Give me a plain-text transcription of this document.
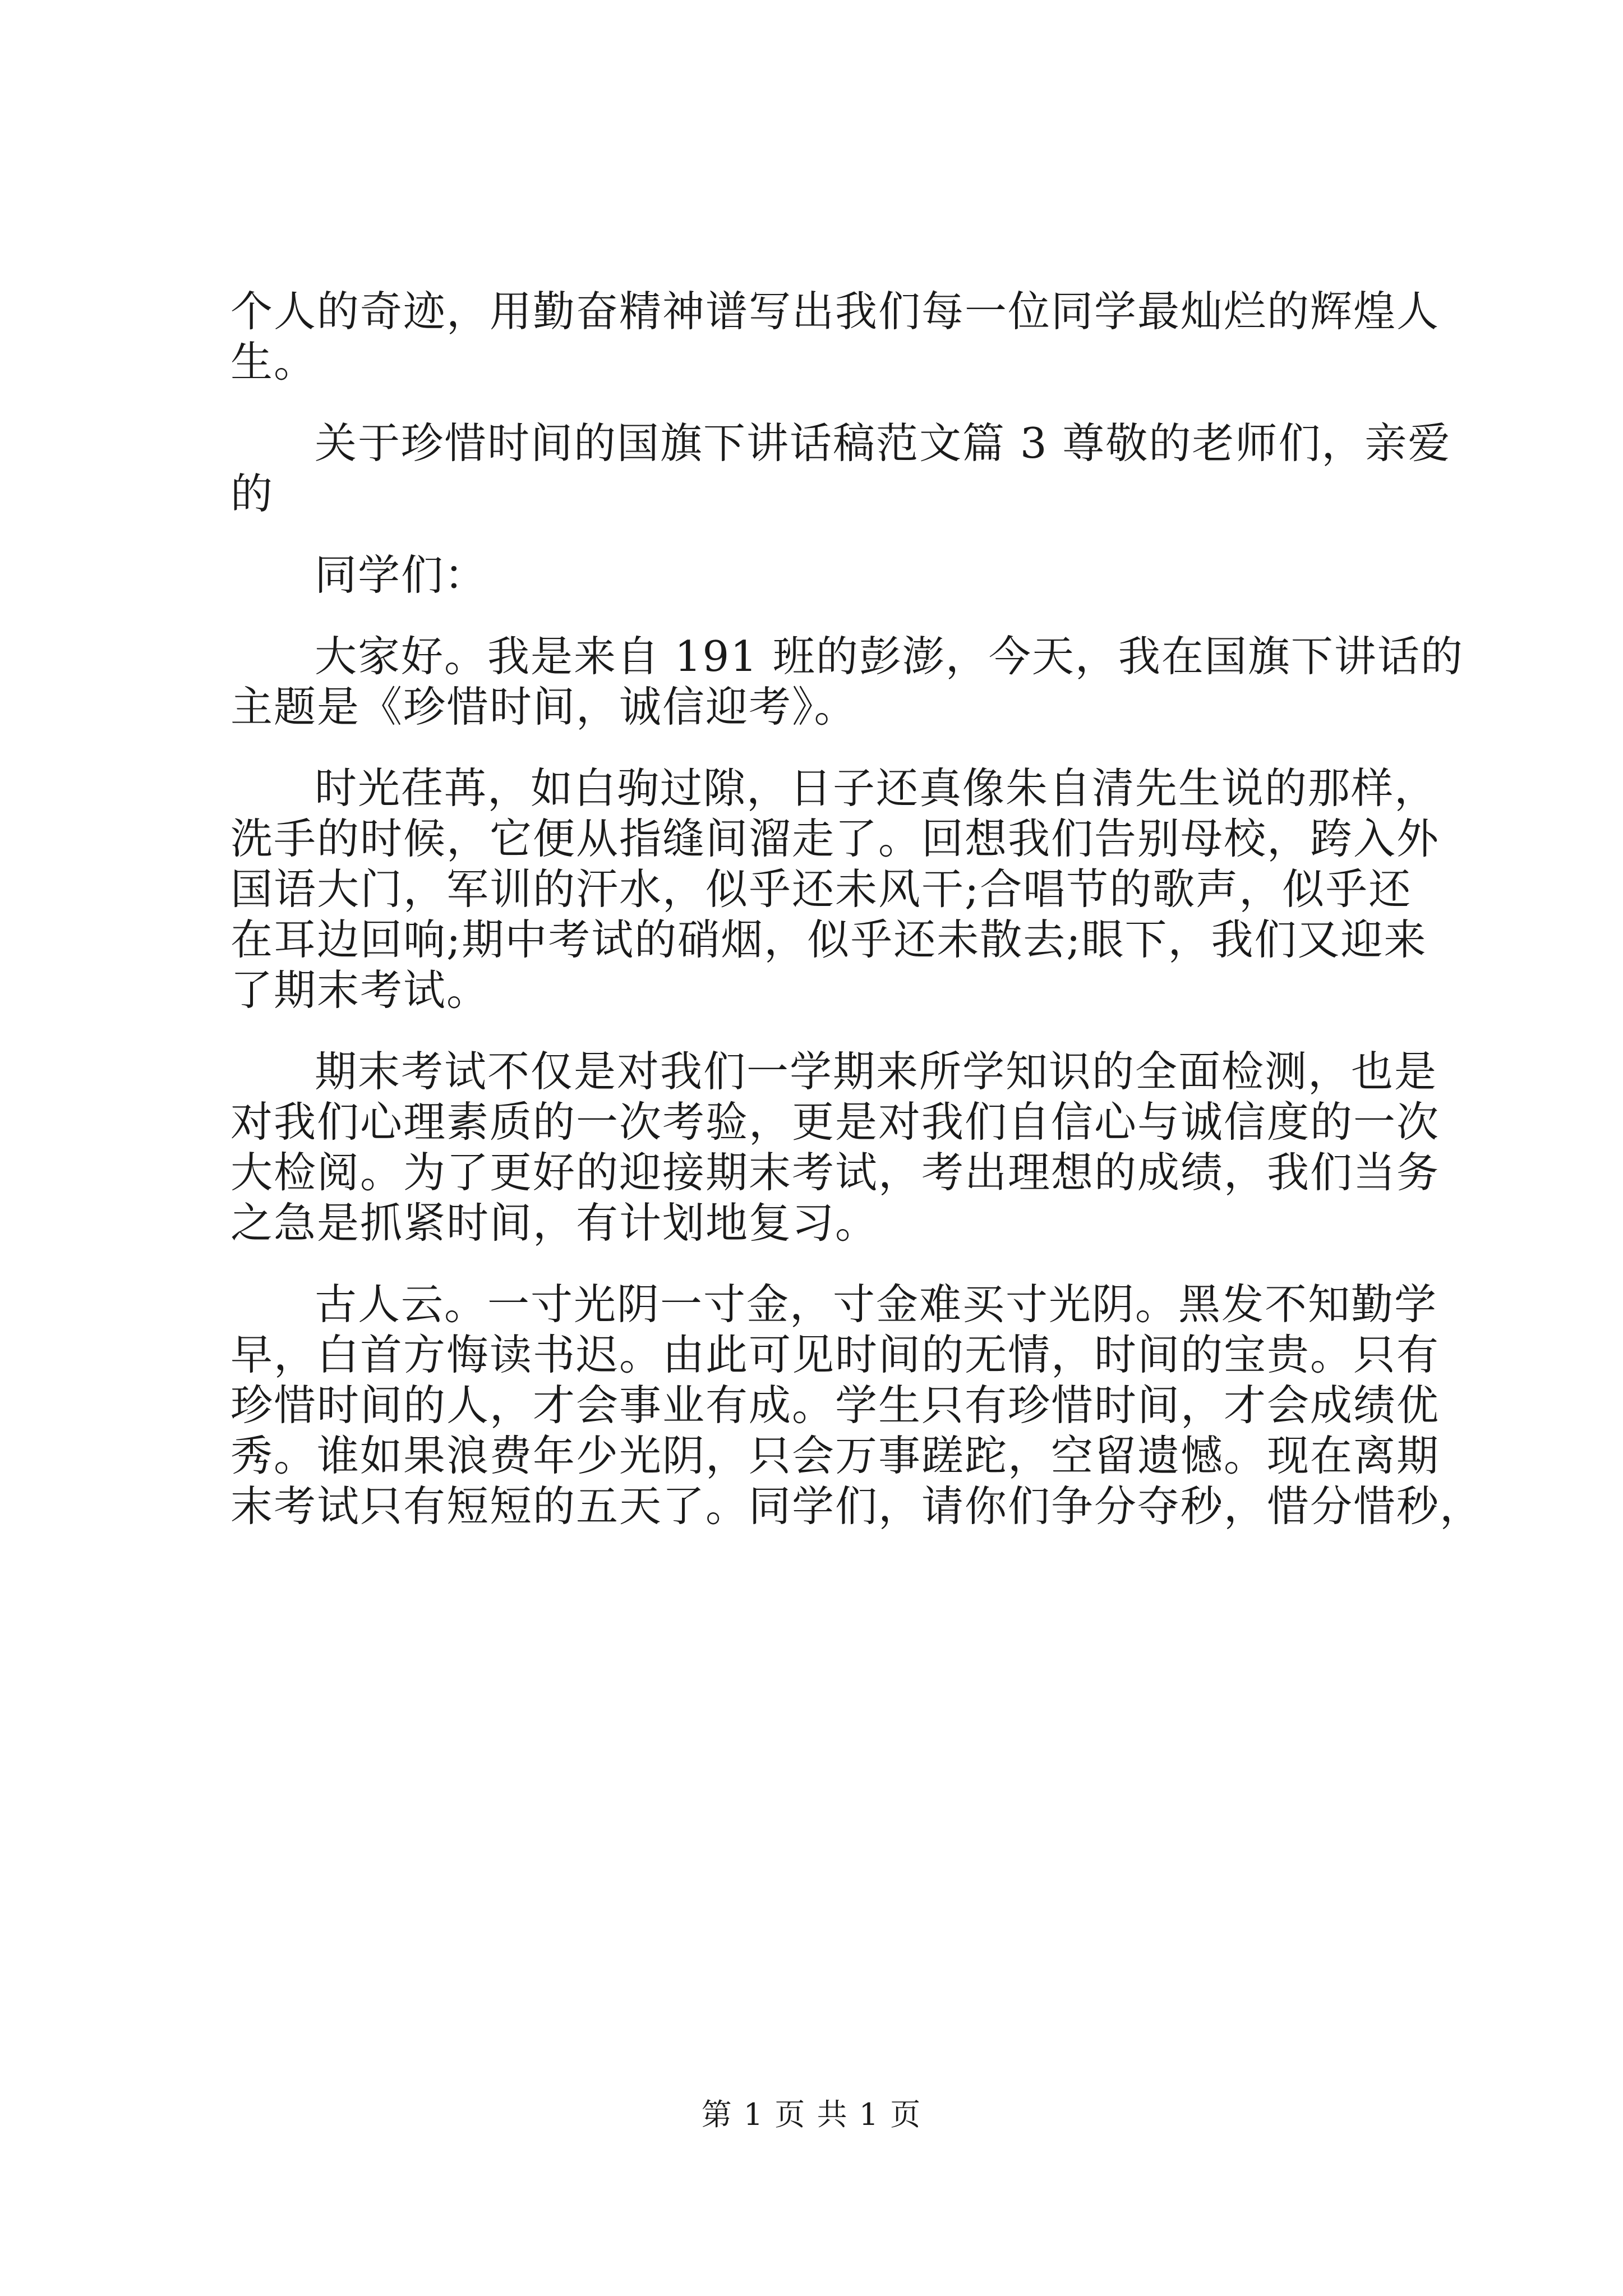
个人的奇迹，用勤奋精神谱写出我们每一位同学最灿烂的辉煌人
生。
关于珍惜时间的国旗下讲话稿范文篇 3 尊敬的老师们，亲爱
的
同学们：
大家好。我是来自 191 班的彭澎，今天，我在国旗下讲话的
主题是《珍惜时间，诚信迎考》。
时光荏苒，如白驹过隙，日子还真像朱自清先生说的那样，
洗手的时候，它便从指缝间溜走了。回想我们告别母校，跨入外
国语大门，军训的汗水，似乎还未风干;合唱节的歌声，似乎还
在耳边回响;期中考试的硝烟，似乎还未散去;眼下，我们又迎来
了期末考试。
期末考试不仅是对我们一学期来所学知识的全面检测，也是
对我们心理素质的一次考验，更是对我们自信心与诚信度的一次
大检阅。为了更好的迎接期末考试，考出理想的成绩，我们当务
之急是抓紧时间，有计划地复习。
古人云。一寸光阴一寸金，寸金难买寸光阴。黑发不知勤学
早，白首方悔读书迟。由此可见时间的无情，时间的宝贵。只有
珍惜时间的人，才会事业有成。学生只有珍惜时间，才会成绩优
秀。谁如果浪费年少光阴，只会万事蹉跎，空留遗憾。现在离期
末考试只有短短的五天了。同学们，请你们争分夺秒，惜分惜秒，
第 1 页 共 1 页
